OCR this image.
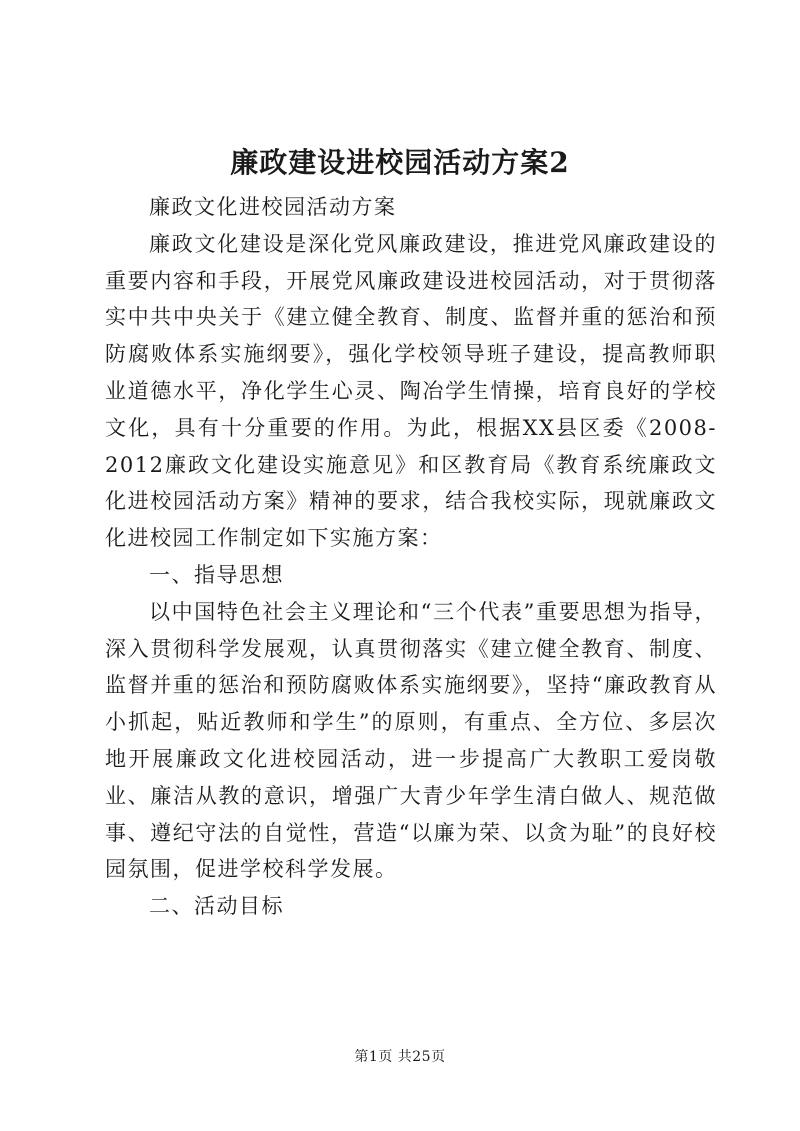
廉政建设进校园活动方案2

廉政文化进校园活动方案

廉政文化建设是深化党风廉政建设，推进党风廉政建设的重要内容和手段，开展党风廉政建设进校园活动，对于贯彻落实中共中央关于《建立健全教育、制度、监督并重的惩治和预防腐败体系实施纲要》，强化学校领导班子建设，提高教师职业道德水平，净化学生心灵、陶冶学生情操，培育良好的学校文化，具有十分重要的作用。为此，根据XX县区委《2008-2012廉政文化建设实施意见》和区教育局《教育系统廉政文化进校园活动方案》精神的要求，结合我校实际，现就廉政文化进校园工作制定如下实施方案：

一、指导思想

以中国特色社会主义理论和“三个代表”重要思想为指导，深入贯彻科学发展观，认真贯彻落实《建立健全教育、制度、监督并重的惩治和预防腐败体系实施纲要》，坚持“廉政教育从小抓起，贴近教师和学生”的原则，有重点、全方位、多层次地开展廉政文化进校园活动，进一步提高广大教职工爱岗敬业、廉洁从教的意识，增强广大青少年学生清白做人、规范做事、遵纪守法的自觉性，营造“以廉为荣、以贪为耻”的良好校园氛围，促进学校科学发展。

二、活动目标

第1页 共25页
